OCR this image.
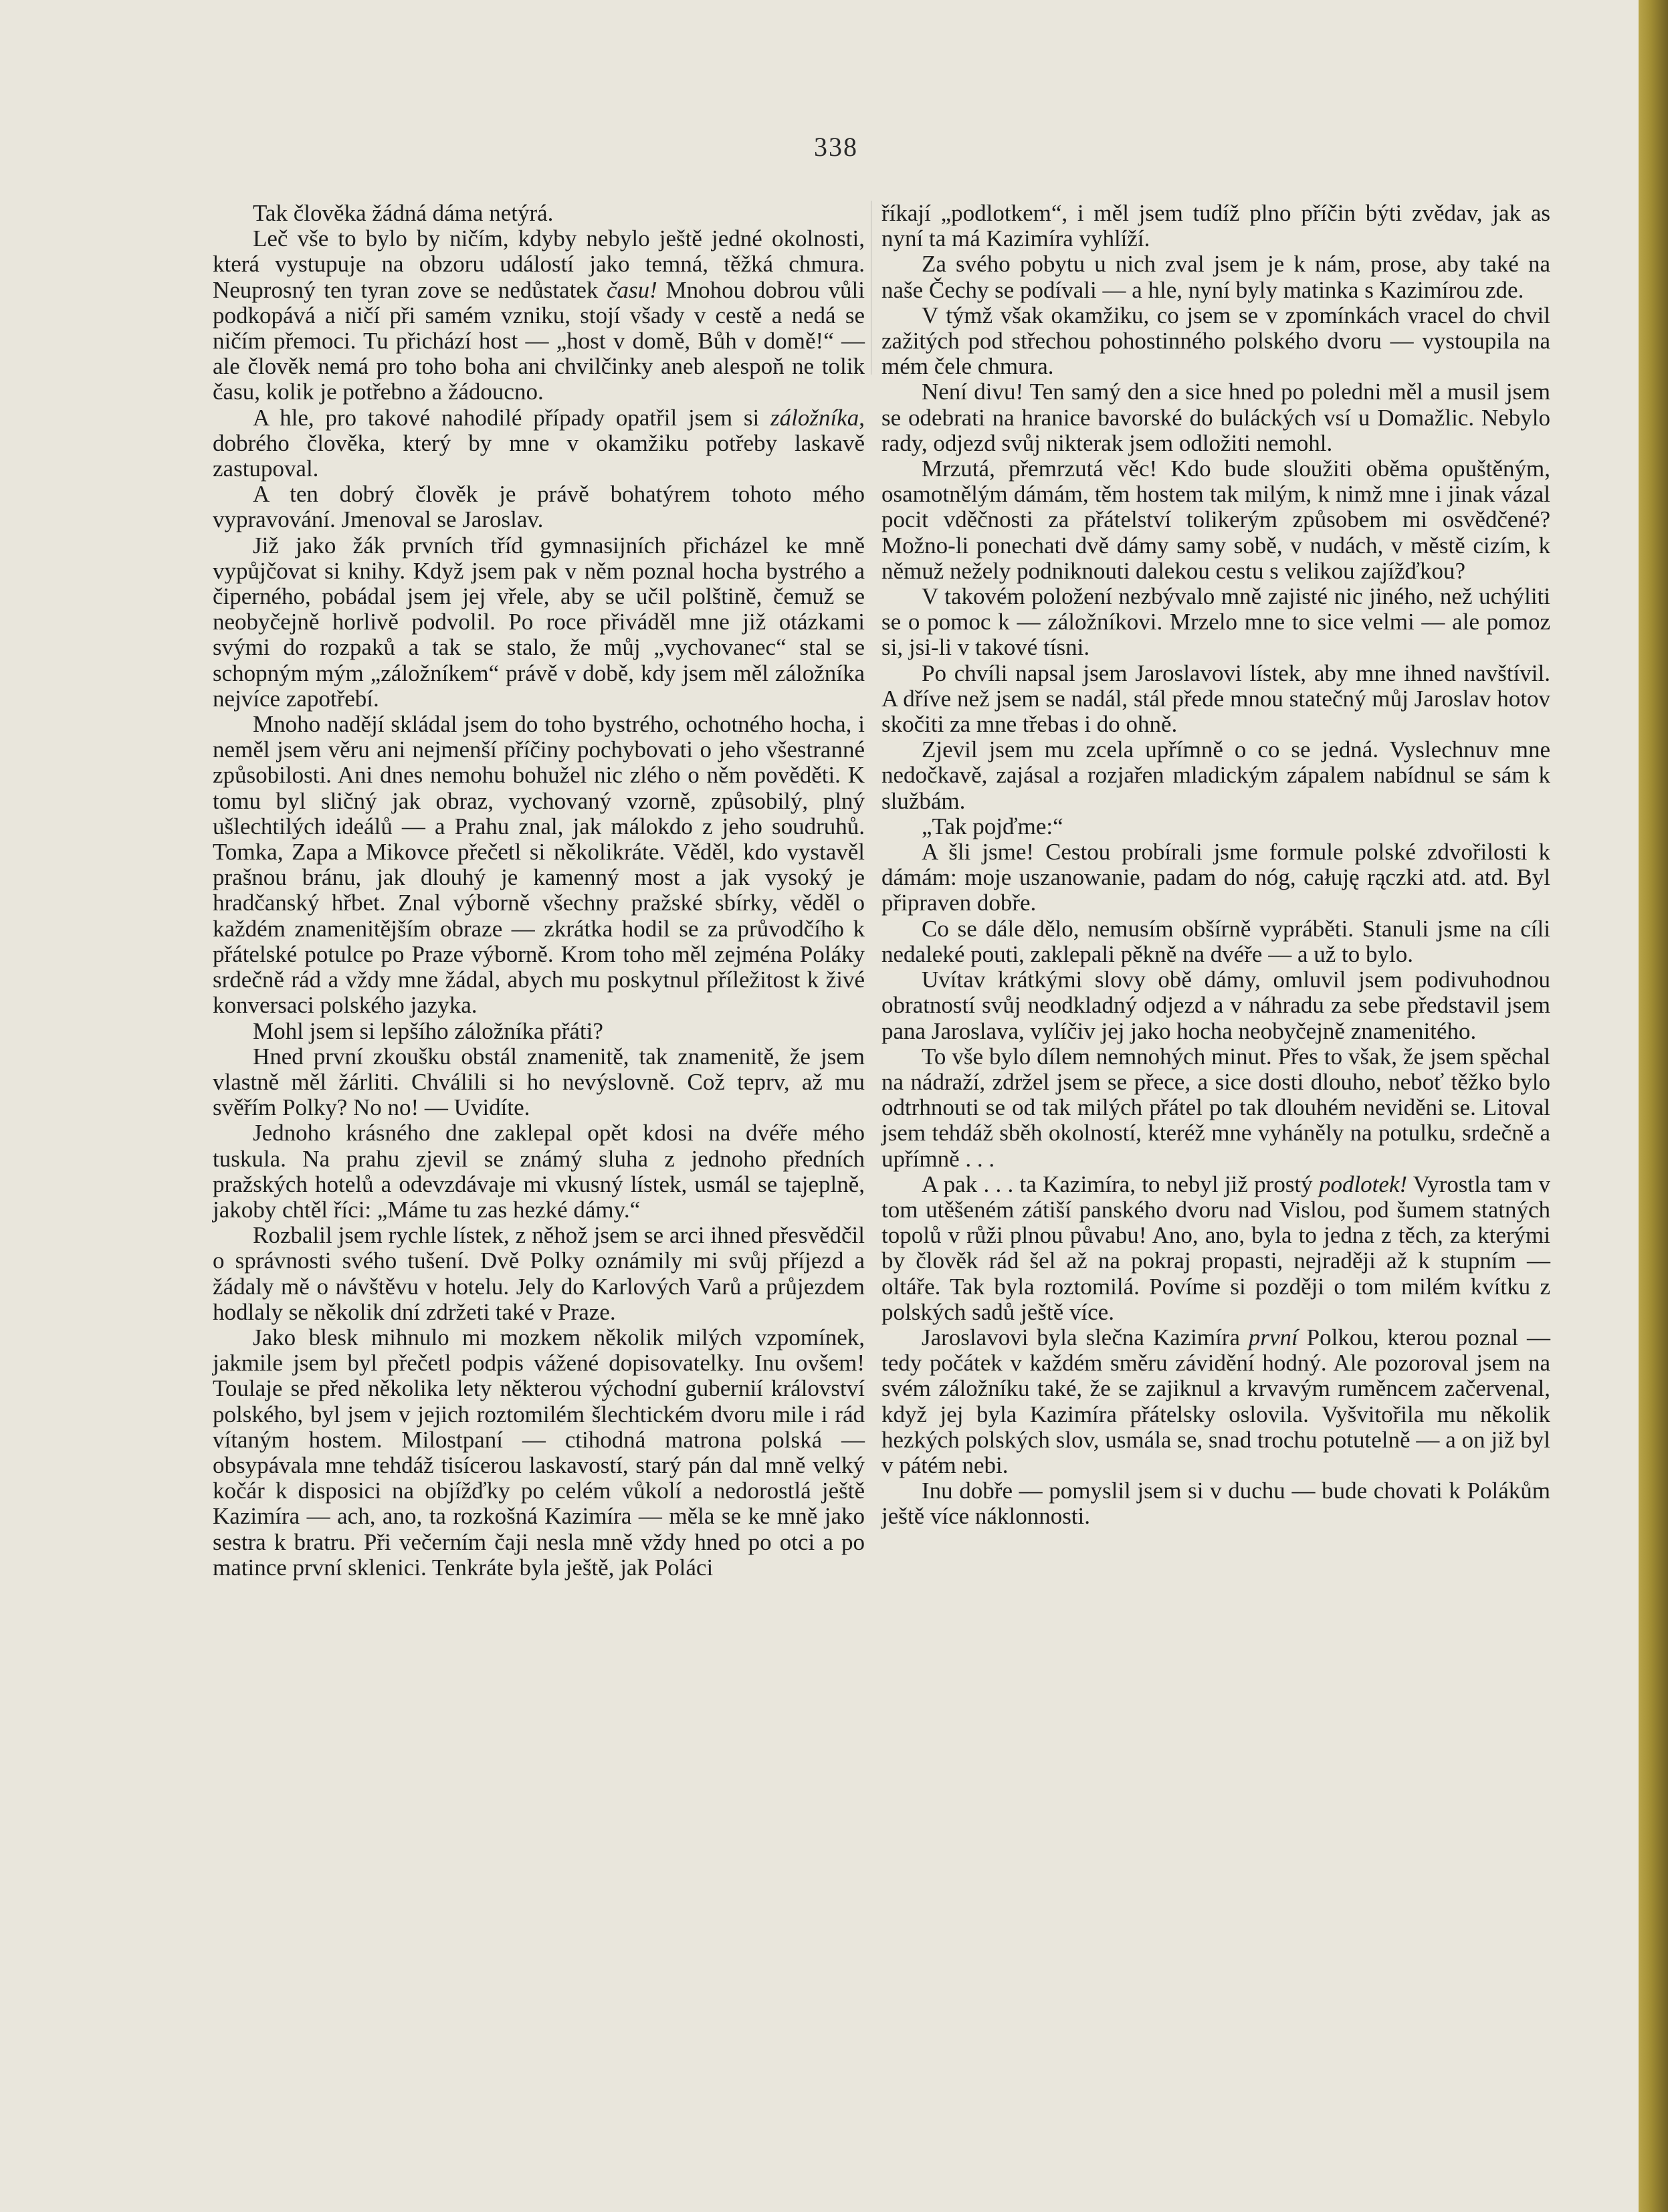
338

Tak člověka žádná dáma netýrá.

Leč vše to bylo by ničím, kdyby nebylo ještě jedné okolnosti, která vystupuje na obzoru událostí jako temná, těžká chmura. Neuprosný ten tyran zove se nedůstatek času! Mnohou dobrou vůli podkopává a ničí při samém vzniku, stojí všady v cestě a nedá se ničím přemoci. Tu přichází host — „host v domě, Bůh v domě!“ — ale člověk nemá pro toho boha ani chvilčinky aneb alespoň ne tolik času, kolik je potřebno a žádoucno.

A hle, pro takové nahodilé případy opatřil jsem si záložníka, dobrého člověka, který by mne v okamžiku potřeby laskavě zastupoval.

A ten dobrý člověk je právě bohatýrem tohoto mého vypravování. Jmenoval se Jaroslav.

Již jako žák prvních tříd gymnasijních přicházel ke mně vypůjčovat si knihy. Když jsem pak v něm poznal hocha bystrého a čiperného, pobádal jsem jej vřele, aby se učil polštině, čemuž se neobyčejně horlivě podvolil. Po roce přiváděl mne již otázkami svými do rozpaků a tak se stalo, že můj „vychovanec“ stal se schopným mým „záložníkem“ právě v době, kdy jsem měl záložníka nejvíce zapotřebí.

Mnoho nadějí skládal jsem do toho bystrého, ochotného hocha, i neměl jsem věru ani nejmenší příčiny pochybovati o jeho všestranné způsobilosti. Ani dnes nemohu bohužel nic zlého o něm pověděti. K tomu byl sličný jak obraz, vychovaný vzorně, způsobilý, plný ušlechtilých ideálů — a Prahu znal, jak málokdo z jeho soudruhů. Tomka, Zapa a Mikovce přečetl si několikráte. Věděl, kdo vystavěl prašnou bránu, jak dlouhý je kamenný most a jak vysoký je hradčanský hřbet. Znal výborně všechny pražské sbírky, věděl o každém znamenitějším obraze — zkrátka hodil se za průvodčího k přátelské potulce po Praze výborně. Krom toho měl zejména Poláky srdečně rád a vždy mne žádal, abych mu poskytnul příležitost k živé konversaci polského jazyka.

Mohl jsem si lepšího záložníka přáti?

Hned první zkoušku obstál znamenitě, tak znamenitě, že jsem vlastně měl žárliti. Chválili si ho nevýslovně. Což teprv, až mu svěřím Polky? No no! — Uvidíte.

Jednoho krásného dne zaklepal opět kdosi na dvéře mého tuskula. Na prahu zjevil se známý sluha z jednoho předních pražských hotelů a odevzdávaje mi vkusný lístek, usmál se tajeplně, jakoby chtěl říci: „Máme tu zas hezké dámy.“

Rozbalil jsem rychle lístek, z něhož jsem se arci ihned přesvědčil o správnosti svého tušení. Dvě Polky oznámily mi svůj příjezd a žádaly mě o návštěvu v hotelu. Jely do Karlových Varů a průjezdem hodlaly se několik dní zdržeti také v Praze.

Jako blesk mihnulo mi mozkem několik milých vzpomínek, jakmile jsem byl přečetl podpis vážené dopisovatelky. Inu ovšem! Toulaje se před několika lety některou východní gubernií království polského, byl jsem v jejich roztomilém šlechtickém dvoru mile i rád vítaným hostem. Milostpaní — ctihodná matrona polská — obsypávala mne tehdáž tisícerou laskavostí, starý pán dal mně velký kočár k disposici na objížďky po celém vůkolí a nedorostlá ještě Kazimíra — ach, ano, ta rozkošná Kazimíra — měla se ke mně jako sestra k bratru. Při večerním čaji nesla mně vždy hned po otci a po matince první sklenici. Tenkráte byla ještě, jak Poláci

říkají „podlotkem“, i měl jsem tudíž plno příčin býti zvědav, jak as nyní ta má Kazimíra vyhlíží.

Za svého pobytu u nich zval jsem je k nám, prose, aby také na naše Čechy se podívali — a hle, nyní byly matinka s Kazimírou zde.

V týmž však okamžiku, co jsem se v zpomínkách vracel do chvil zažitých pod střechou pohostinného polského dvoru — vystoupila na mém čele chmura.

Není divu! Ten samý den a sice hned po poledni měl a musil jsem se odebrati na hranice bavorské do buláckých vsí u Domažlic. Nebylo rady, odjezd svůj nikterak jsem odložiti nemohl.

Mrzutá, přemrzutá věc! Kdo bude sloužiti oběma opuštěným, osamotnělým dámám, těm hostem tak milým, k nimž mne i jinak vázal pocit vděčnosti za přátelství tolikerým způsobem mi osvědčené? Možno-li ponechati dvě dámy samy sobě, v nudách, v městě cizím, k němuž nežely podniknouti dalekou cestu s velikou zajížďkou?

V takovém položení nezbývalo mně zajisté nic jiného, než uchýliti se o pomoc k — záložníkovi. Mrzelo mne to sice velmi — ale pomoz si, jsi-li v takové tísni.

Po chvíli napsal jsem Jaroslavovi lístek, aby mne ihned navštívil. A dříve než jsem se nadál, stál přede mnou statečný můj Jaroslav hotov skočiti za mne třebas i do ohně.

Zjevil jsem mu zcela upřímně o co se jedná. Vyslechnuv mne nedočkavě, zajásal a rozjařen mladickým zápalem nabídnul se sám k službám.

„Tak pojďme:“

A šli jsme! Cestou probírali jsme formule polské zdvořilosti k dámám: moje uszanowanie, padam do nóg, całuję rączki atd. atd. Byl připraven dobře.

Co se dále dělo, nemusím obšírně vypráběti. Stanuli jsme na cíli nedaleké pouti, zaklepali pěkně na dvéře — a už to bylo.

Uvítav krátkými slovy obě dámy, omluvil jsem podivuhodnou obratností svůj neodkladný odjezd a v náhradu za sebe představil jsem pana Jaroslava, vylíčiv jej jako hocha neobyčejně znamenitého.

To vše bylo dílem nemnohých minut. Přes to však, že jsem spěchal na nádraží, zdržel jsem se přece, a sice dosti dlouho, neboť těžko bylo odtrhnouti se od tak milých přátel po tak dlouhém neviděni se. Litoval jsem tehdáž sběh okolností, kteréž mne vyháněly na potulku, srdečně a upřímně . . .

A pak . . . ta Kazimíra, to nebyl již prostý podlotek! Vyrostla tam v tom utěšeném zátiší panského dvoru nad Vislou, pod šumem statných topolů v růži plnou půvabu! Ano, ano, byla to jedna z těch, za kterými by člověk rád šel až na pokraj propasti, nejraději až k stupním — oltáře. Tak byla roztomilá. Povíme si později o tom milém kvítku z polských sadů ještě více.

Jaroslavovi byla slečna Kazimíra první Polkou, kterou poznal — tedy počátek v každém směru závidění hodný. Ale pozoroval jsem na svém záložníku také, že se zajiknul a krvavým ruměncem začervenal, když jej byla Kazimíra přátelsky oslovila. Vyšvitořila mu několik hezkých polských slov, usmála se, snad trochu potutelně — a on již byl v pátém nebi.

Inu dobře — pomyslil jsem si v duchu — bude chovati k Polákům ještě více náklonnosti.
